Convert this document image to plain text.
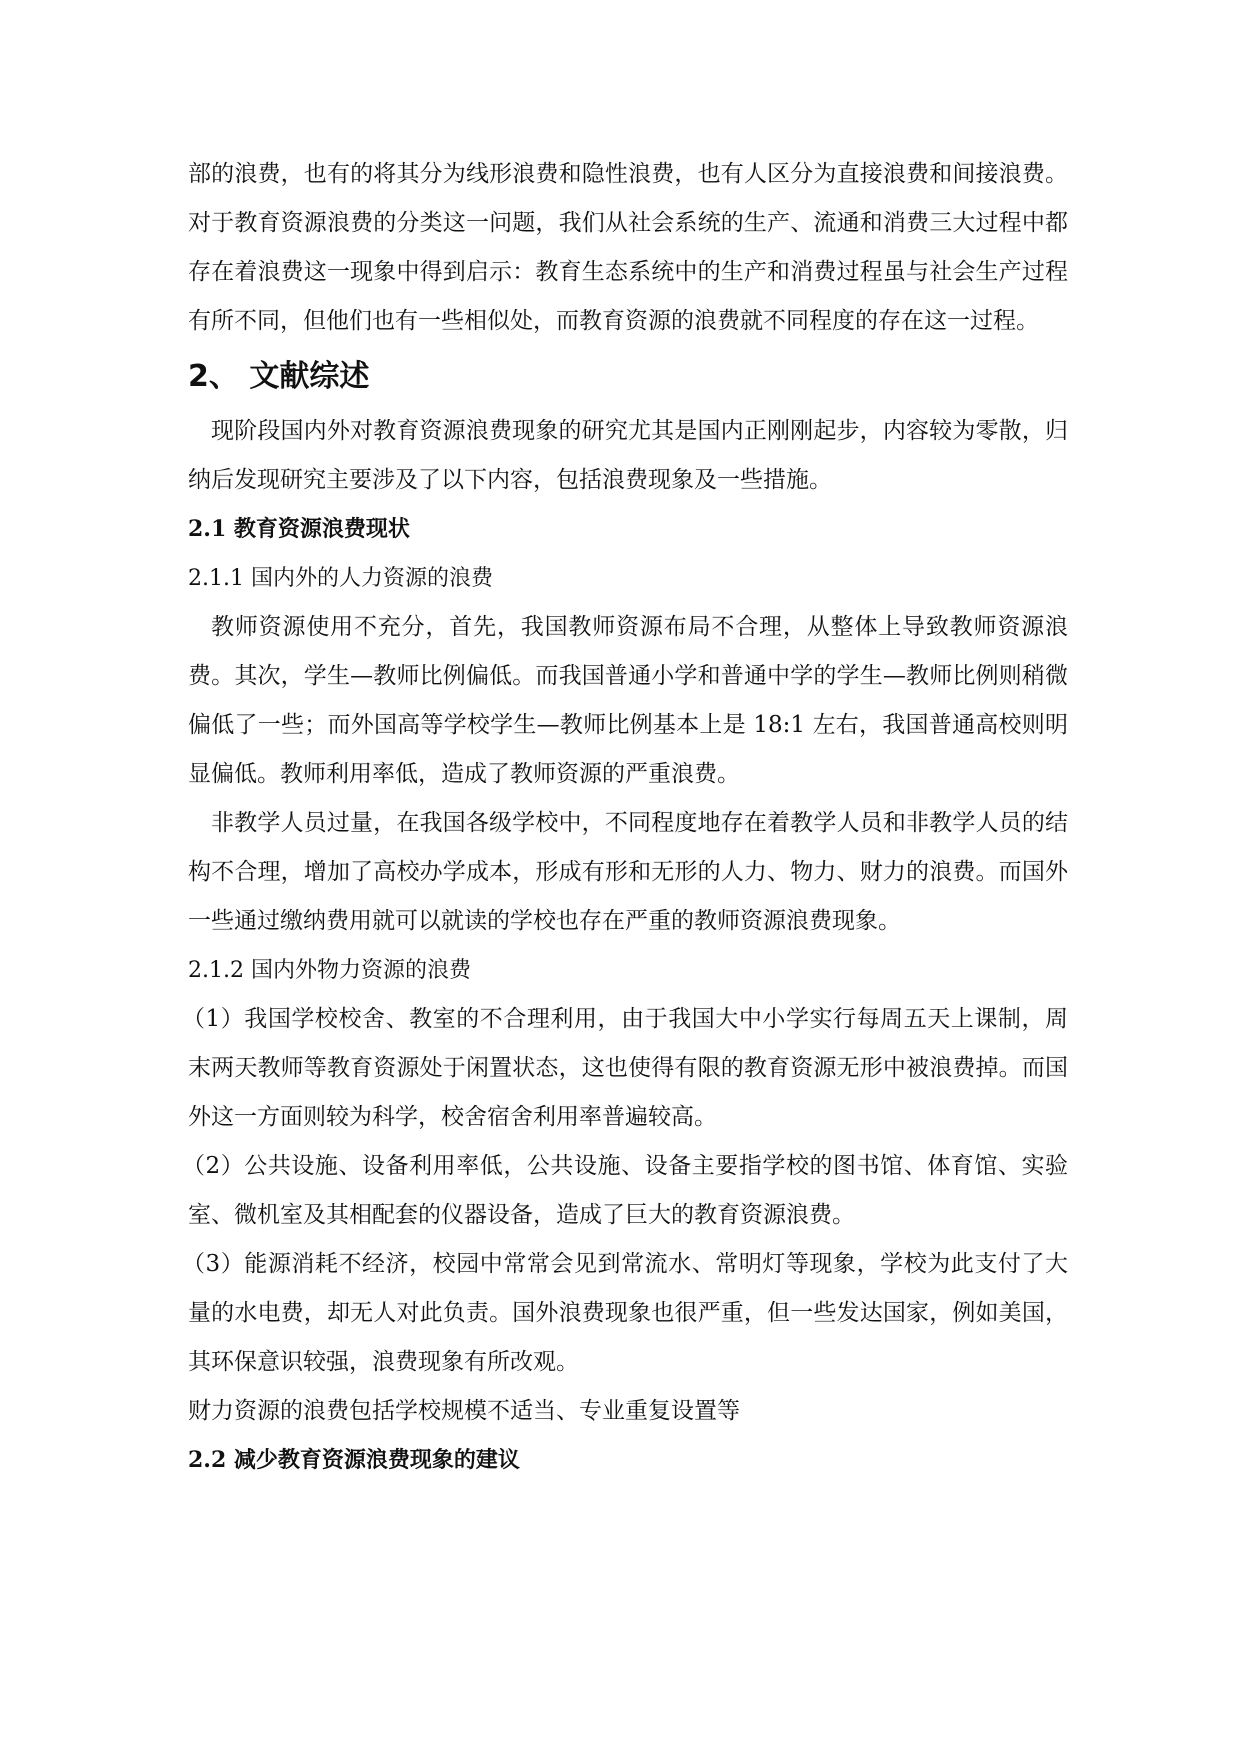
部的浪费，也有的将其分为线形浪费和隐性浪费，也有人区分为直接浪费和间接浪费。对于教育资源浪费的分类这一问题，我们从社会系统的生产、流通和消费三大过程中都存在着浪费这一现象中得到启示：教育生态系统中的生产和消费过程虽与社会生产过程有所不同，但他们也有一些相似处，而教育资源的浪费就不同程度的存在这一过程。

2、 文献综述

现阶段国内外对教育资源浪费现象的研究尤其是国内正刚刚起步，内容较为零散，归纳后发现研究主要涉及了以下内容，包括浪费现象及一些措施。

2.1 教育资源浪费现状
2.1.1 国内外的人力资源的浪费

教师资源使用不充分，首先，我国教师资源布局不合理，从整体上导致教师资源浪费。其次，学生—教师比例偏低。而我国普通小学和普通中学的学生—教师比例则稍微偏低了一些；而外国高等学校学生—教师比例基本上是 18:1 左右，我国普通高校则明显偏低。教师利用率低，造成了教师资源的严重浪费。

非教学人员过量，在我国各级学校中，不同程度地存在着教学人员和非教学人员的结构不合理，增加了高校办学成本，形成有形和无形的人力、物力、财力的浪费。而国外一些通过缴纳费用就可以就读的学校也存在严重的教师资源浪费现象。

2.1.2 国内外物力资源的浪费

（1）我国学校校舍、教室的不合理利用，由于我国大中小学实行每周五天上课制，周末两天教师等教育资源处于闲置状态，这也使得有限的教育资源无形中被浪费掉。而国外这一方面则较为科学，校舍宿舍利用率普遍较高。

（2）公共设施、设备利用率低，公共设施、设备主要指学校的图书馆、体育馆、实验室、微机室及其相配套的仪器设备，造成了巨大的教育资源浪费。

（3）能源消耗不经济，校园中常常会见到常流水、常明灯等现象，学校为此支付了大量的水电费，却无人对此负责。国外浪费现象也很严重，但一些发达国家，例如美国，其环保意识较强，浪费现象有所改观。

财力资源的浪费包括学校规模不适当、专业重复设置等

2.2 减少教育资源浪费现象的建议
